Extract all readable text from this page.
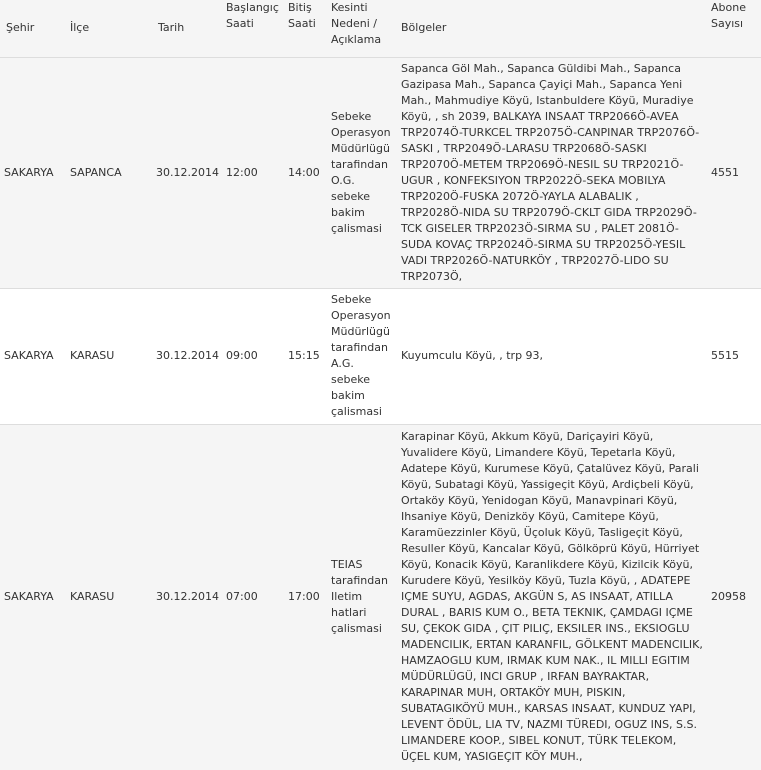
Şehir	İlçe	Tarih	Başlangıç Saati	Bitiş Saati	Kesinti Nedeni / Açıklama	Bölgeler	Abone Sayısı
SAKARYA	SAPANCA	30.12.2014	12:00	14:00	Sebeke Operasyon Müdürlügü tarafindan O.G. sebeke bakim çalismasi	Sapanca Göl Mah., Sapanca Güldibi Mah., Sapanca Gazipasa Mah., Sapanca Çayiçi Mah., Sapanca Yeni Mah., Mahmudiye Köyü, Istanbuldere Köyü, Muradiye Köyü, , sh 2039, BALKAYA INSAAT TRP2066Ö-AVEA TRP2074Ö-TURKCEL TRP2075Ö-CANPINAR TRP2076Ö-SASKI , TRP2049Ö-LARASU TRP2068Ö-SASKI TRP2070Ö-METEM TRP2069Ö-NESIL SU TRP2021Ö-UGUR , KONFEKSIYON TRP2022Ö-SEKA MOBILYA TRP2020Ö-FUSKA 2072Ö-YAYLA ALABALIK , TRP2028Ö-NIDA SU TRP2079Ö-CKLT GIDA TRP2029Ö-TCK GISELER TRP2023Ö-SIRMA SU , PALET 2081Ö-SUDA KOVAÇ TRP2024Ö-SIRMA SU TRP2025Ö-YESIL VADI TRP2026Ö-NATURKÖY , TRP2027Ö-LIDO SU TRP2073Ö,	4551
SAKARYA	KARASU	30.12.2014	09:00	15:15	Sebeke Operasyon Müdürlügü tarafindan A.G. sebeke bakim çalismasi	Kuyumculu Köyü, , trp 93,	5515
SAKARYA	KARASU	30.12.2014	07:00	17:00	TEIAS tarafindan Iletim hatlari çalismasi	Karapinar Köyü, Akkum Köyü, Dariçayiri Köyü, Yuvalidere Köyü, Limandere Köyü, Tepetarla Köyü, Adatepe Köyü, Kurumese Köyü, Çatalüvez Köyü, Parali Köyü, Subatagi Köyü, Yassigeçit Köyü, Ardiçbeli Köyü, Ortaköy Köyü, Yenidogan Köyü, Manavpinari Köyü, Ihsaniye Köyü, Denizköy Köyü, Camitepe Köyü, Karamüezzinler Köyü, Üçoluk Köyü, Tasligeçit Köyü, Resuller Köyü, Kancalar Köyü, Gölköprü Köyü, Hürriyet Köyü, Konacik Köyü, Karanlikdere Köyü, Kizilcik Köyü, Kurudere Köyü, Yesilköy Köyü, Tuzla Köyü, , ADATEPE IÇME SUYU, AGDAS, AKGÜN S, AS INSAAT, ATILLA DURAL , BARIS KUM O., BETA TEKNIK, ÇAMDAGI IÇME SU, ÇEKOK GIDA , ÇIT PILIÇ, EKSILER INS., EKSIOGLU MADENCILIK, ERTAN KARANFIL, GÖLKENT MADENCILIK, HAMZAOGLU KUM, IRMAK KUM NAK., IL MILLI EGITIM MÜDÜRLÜGÜ, INCI GRUP , IRFAN BAYRAKTAR, KARAPINAR MUH, ORTAKÖY MUH, PISKIN, SUBATAGIKÖYÜ MUH., KARSAS INSAAT, KUNDUZ YAPI, LEVENT ÖDÜL, LIA TV, NAZMI TÜREDI, OGUZ INS, S.S. LIMANDERE KOOP., SIBEL KONUT, TÜRK TELEKOM, ÜÇEL KUM, YASIGEÇIT KÖY MUH.,	20958
